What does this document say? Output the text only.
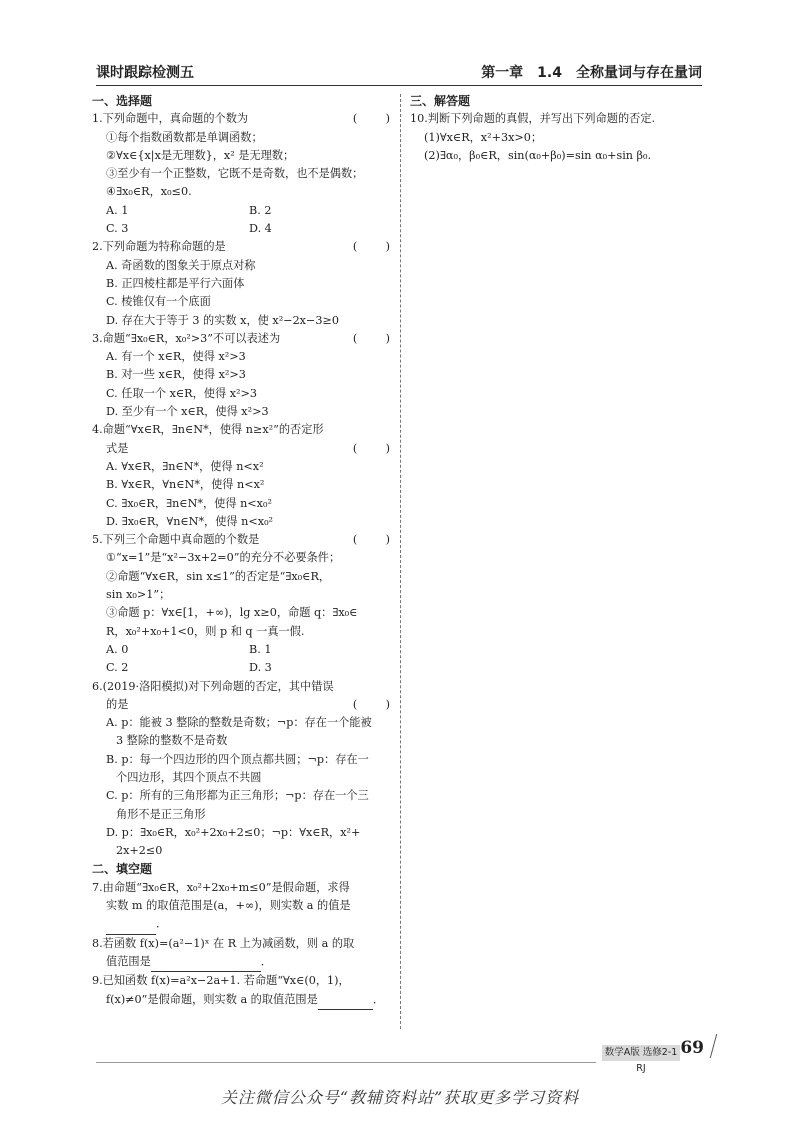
课时跟踪检测五	第一章　1.4　全称量词与存在量词
一、选择题
1.下列命题中，真命题的个数为	(　　)
①每个指数函数都是单调函数；
②∀x∈{x|x是无理数}，x² 是无理数；
③至少有一个正整数，它既不是奇数，也不是偶数；
④∃x₀∈R，x₀≤0.
A. 1	B. 2
C. 3	D. 4
2.下列命题为特称命题的是	(　　)
A. 奇函数的图象关于原点对称
B. 正四棱柱都是平行六面体
C. 棱锥仅有一个底面
D. 存在大于等于 3 的实数 x，使 x²−2x−3≥0
3.命题“∃x₀∈R，x₀²>3”不可以表述为	(　　)
A. 有一个 x∈R，使得 x²>3
B. 对一些 x∈R，使得 x²>3
C. 任取一个 x∈R，使得 x²>3
D. 至少有一个 x∈R，使得 x²>3
4.命题“∀x∈R，∃n∈N*，使得 n≥x²”的否定形
式是	(　　)
A. ∀x∈R，∃n∈N*，使得 n<x²
B. ∀x∈R，∀n∈N*，使得 n<x²
C. ∃x₀∈R，∃n∈N*，使得 n<x₀²
D. ∃x₀∈R，∀n∈N*，使得 n<x₀²
5.下列三个命题中真命题的个数是	(　　)
①“x=1”是“x²−3x+2=0”的充分不必要条件；
②命题“∀x∈R，sin x≤1”的否定是“∃x₀∈R，
sin x₀>1”；
③命题 p：∀x∈[1，+∞)，lg x≥0，命题 q：∃x₀∈
R，x₀²+x₀+1<0，则 p 和 q 一真一假.
A. 0	B. 1
C. 2	D. 3
6.(2019·洛阳模拟)对下列命题的否定，其中错误
的是	(　　)
A. p：能被 3 整除的整数是奇数；¬p：存在一个能被
3 整除的整数不是奇数
B. p：每一个四边形的四个顶点都共圆；¬p：存在一
个四边形，其四个顶点不共圆
C. p：所有的三角形都为正三角形；¬p：存在一个三
角形不是正三角形
D. p：∃x₀∈R，x₀²+2x₀+2≤0；¬p：∀x∈R，x²+
2x+2≤0
二、填空题
7.由命题“∃x₀∈R，x₀²+2x₀+m≤0”是假命题，求得
实数 m 的取值范围是(a，+∞)，则实数 a 的值是
．
8.若函数 f(x)=(a²−1)ˣ 在 R 上为减函数，则 a 的取
值范围是	．
9.已知函数 f(x)=a²x−2a+1. 若命题“∀x∈(0，1)，
f(x)≠0”是假命题，则实数 a 的取值范围是	．
三、解答题
10.判断下列命题的真假，并写出下列命题的否定.
(1)∀x∈R，x²+3x>0；
(2)∃α₀，β₀∈R，sin(α₀+β₀)=sin α₀+sin β₀.
数学A版 选修2-1 RJ
69
关注微信公众号“教辅资料站”获取更多学习资料
